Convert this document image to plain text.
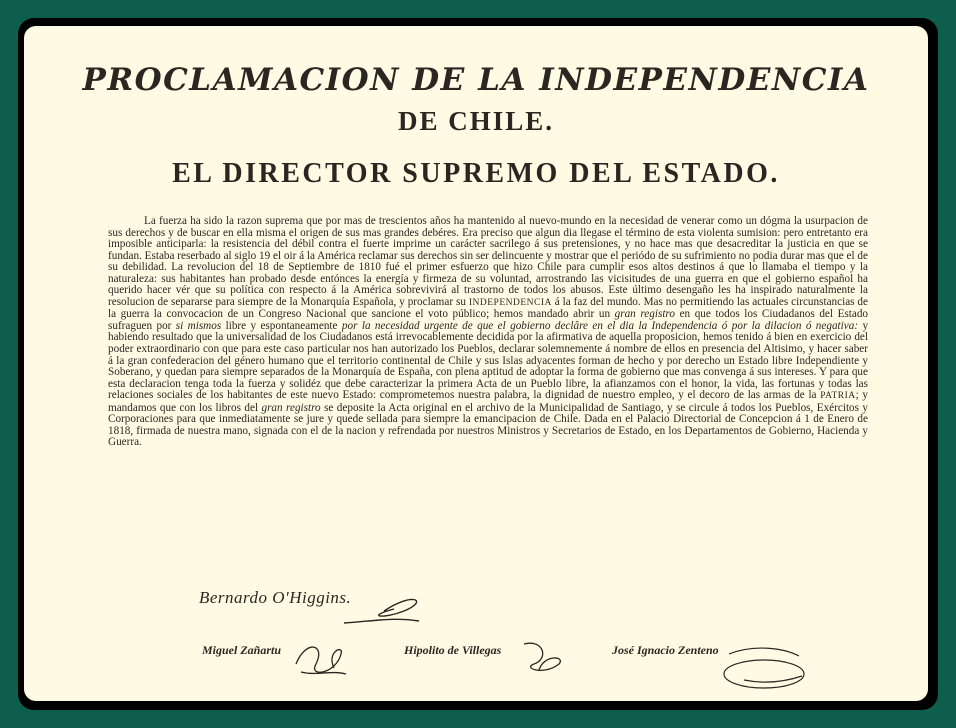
PROCLAMACION DE LA INDEPENDENCIA
DE CHILE.
EL DIRECTOR SUPREMO DEL ESTADO.
La fuerza ha sido la razon suprema que por mas de trescientos años ha mantenido al nuevo-mundo en la necesidad de venerar como un dógma la usurpacion de sus derechos y de buscar en ella misma el origen de sus mas grandes debéres. Era preciso que algun dia llegase el término de esta violenta sumision: pero entretanto era imposible anticiparla: la resistencia del débil contra el fuerte imprime un carácter sacrilego á sus pretensiones, y no hace mas que desacreditar la justicia en que se fundan. Estaba reserbado al siglo 19 el oir á la América reclamar sus derechos sin ser delincuente y mostrar que el periódo de su sufrimiento no podia durar mas que el de su debilidad. La revolucion del 18 de Septiembre de 1810 fué el primer esfuerzo que hizo Chile para cumplir esos altos destinos á que lo llamaba el tiempo y la naturaleza: sus habitantes han probado desde entónces la energía y firmeza de su voluntad, arrostrando las vicisitudes de una guerra en que el gobierno español ha querido hacer vér que su política con respecto á la América sobrevivirá al trastorno de todos los abusos. Este último desengaño les ha inspirado naturalmente la resolucion de separarse para siempre de la Monarquía Española, y proclamar su INDEPENDENCIA á la faz del mundo. Mas no permitiendo las actuales circunstancias de la guerra la convocacion de un Congreso Nacional que sancione el voto público; hemos mandado abrir un gran registro en que todos los Ciudadanos del Estado sufraguen por si mismos libre y espontaneamente por la necesidad urgente de que el gobierno declâre en el dia la Independencia ó por la dilacion ó negativa: y habiendo resultado que la universalidad de los Ciudadanos está irrevocablemente decidida por la afirmativa de aquella proposicion, hemos tenido á bien en exercicio del poder extraordinario con que para este caso particular nos han autorizado los Pueblos, declarar solemnemente á nombre de ellos en presencia del Altisimo, y hacer saber á la gran confederacion del género humano que el territorio continental de Chile y sus Islas adyacentes forman de hecho y por derecho un Estado libre Independiente y Soberano, y quedan para siempre separados de la Monarquía de España, con plena aptitud de adoptar la forma de gobierno que mas convenga á sus intereses. Y para que esta declaracion tenga toda la fuerza y solidéz que debe caracterizar la primera Acta de un Pueblo libre, la afianzamos con el honor, la vida, las fortunas y todas las relaciones sociales de los habitantes de este nuevo Estado: comprometemos nuestra palabra, la dignidad de nuestro empleo, y el decoro de las armas de la PATRIA; y mandamos que con los libros del gran registro se deposite la Acta original en el archivo de la Municipalidad de Santiago, y se circule á todos los Pueblos, Exércitos y Corporaciones para que inmediatamente se jure y quede sellada para siempre la emancipacion de Chile. Dada en el Palacio Directorial de Concepcion á 1 de Enero de 1818, firmada de nuestra mano, signada con el de la nacion y refrendada por nuestros Ministros y Secretarios de Estado, en los Departamentos de Gobierno, Hacienda y Guerra.
Bernardo O'Higgins.
Miguel Zañartu	Hipolito de Villegas	José Ignacio Zenteno
